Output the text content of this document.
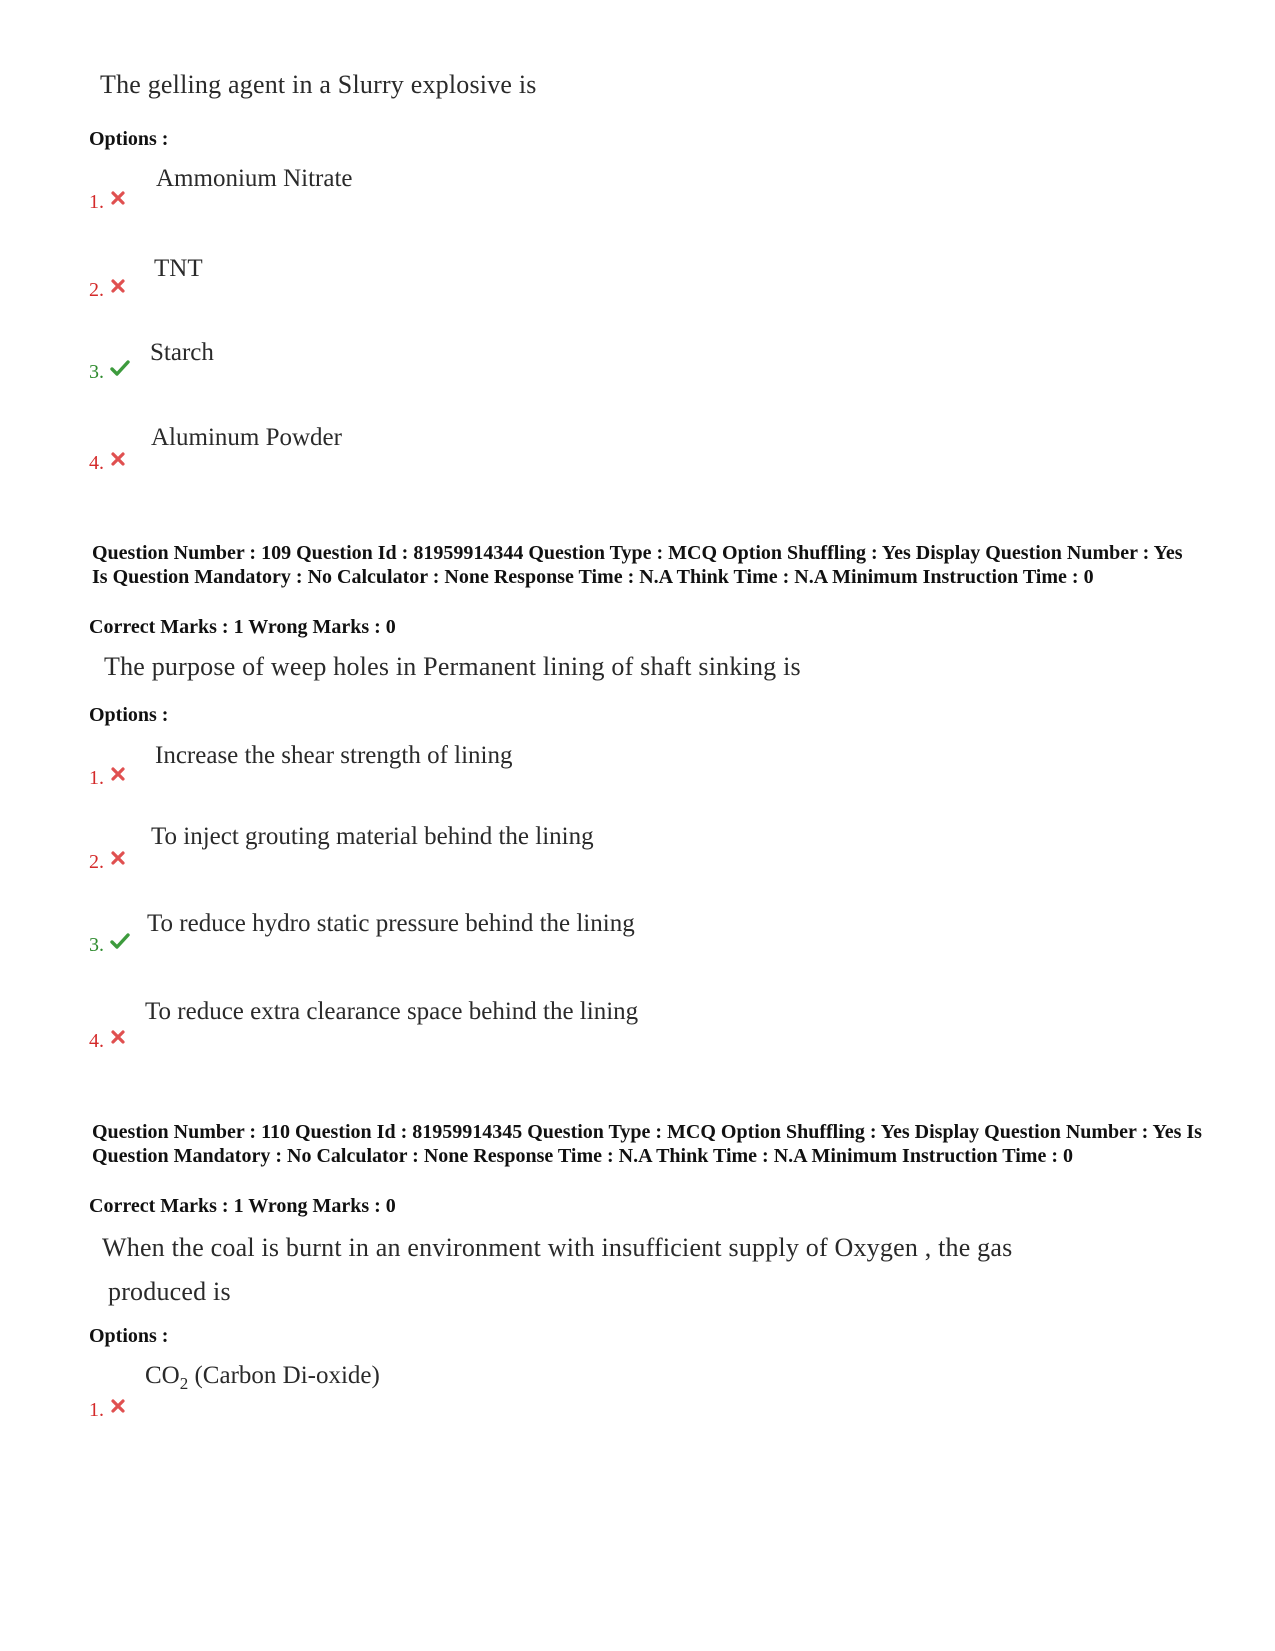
The gelling agent in a Slurry explosive is
Options :
Ammonium Nitrate
1.
TNT
2.
Starch
3.
Aluminum Powder
4.
Question Number : 109 Question Id : 81959914344 Question Type : MCQ Option Shuffling : Yes Display Question Number : Yes Is Question Mandatory : No Calculator : None Response Time : N.A Think Time : N.A Minimum Instruction Time : 0
Correct Marks : 1 Wrong Marks : 0
The purpose of weep holes in Permanent lining of shaft sinking is
Options :
Increase the shear strength of lining
1.
To inject grouting material behind the lining
2.
To reduce hydro static pressure behind the lining
3.
To reduce extra clearance space behind the lining
4.
Question Number : 110 Question Id : 81959914345 Question Type : MCQ Option Shuffling : Yes Display Question Number : Yes Is Question Mandatory : No Calculator : None Response Time : N.A Think Time : N.A Minimum Instruction Time : 0
Correct Marks : 1 Wrong Marks : 0
When the coal is burnt in an environment with insufficient supply of Oxygen , the gas
produced is
Options :
$CO_2$ (Carbon Di-oxide)
1.
